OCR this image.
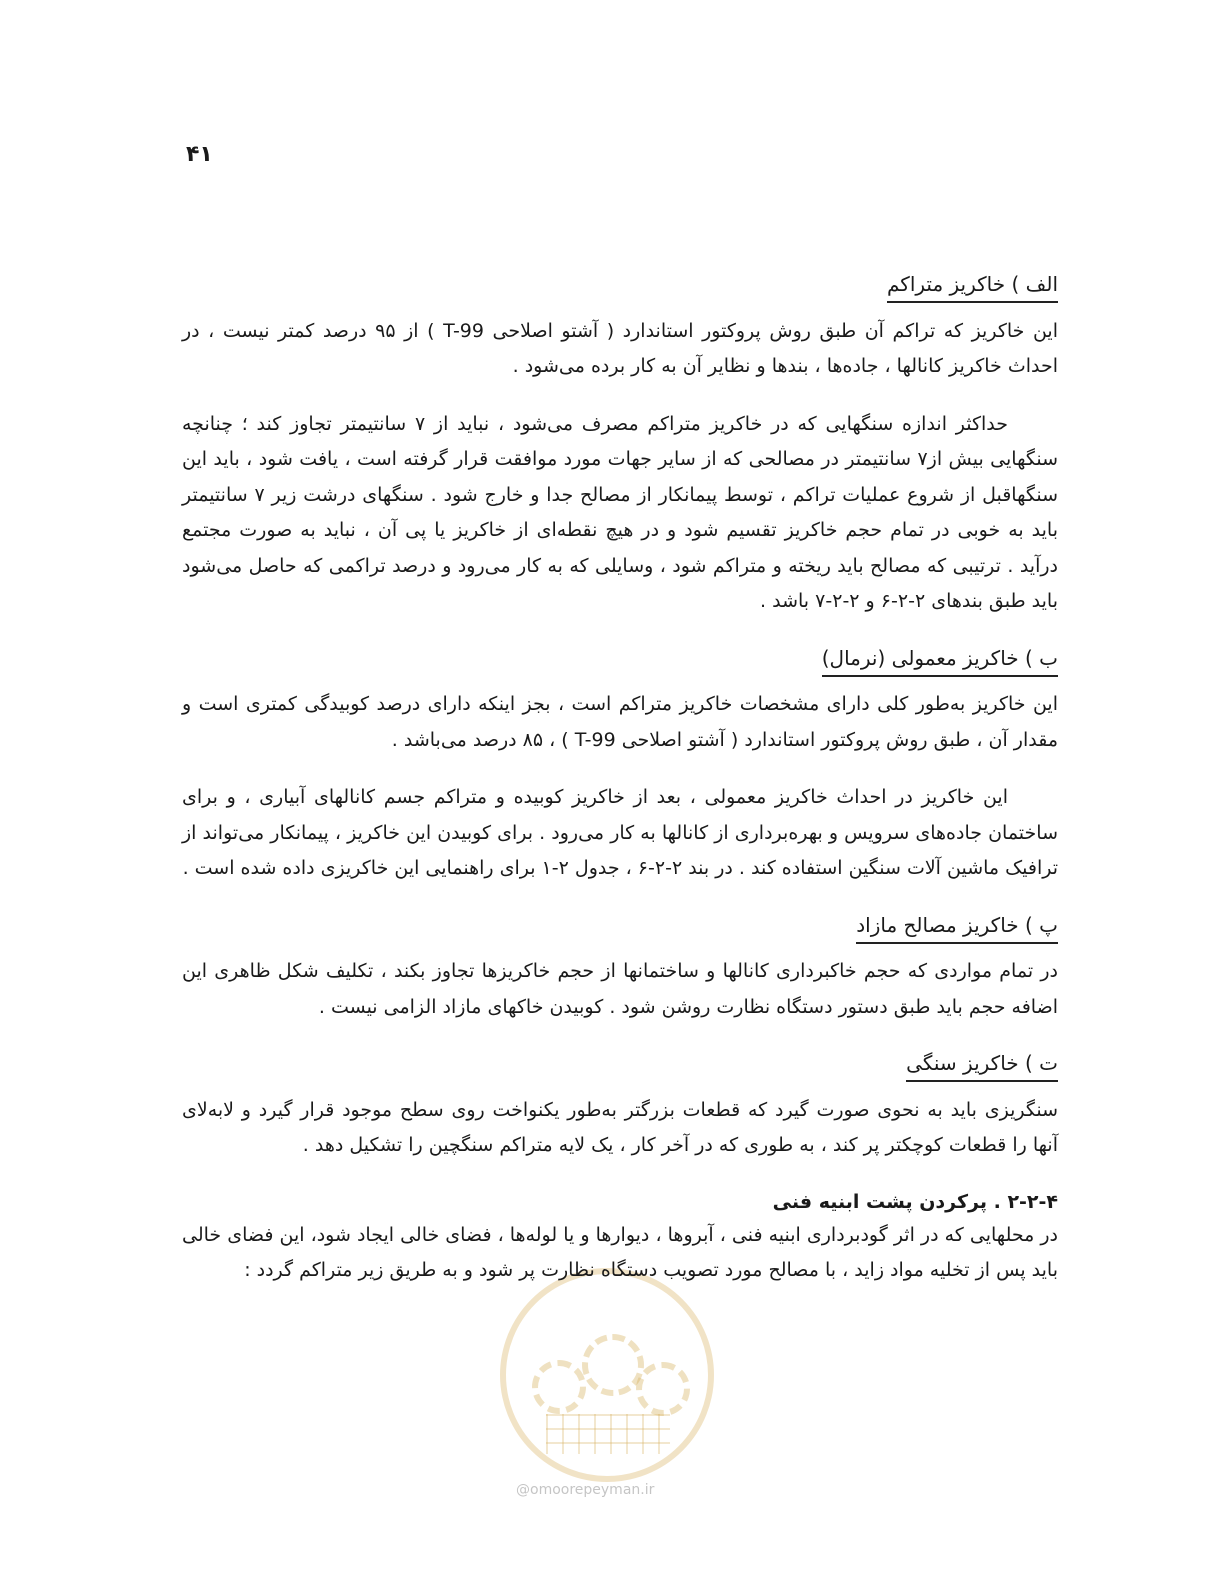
۴۱
@omoorepeyman.ir
الف ) خاکریز متراکم

این خاکریز که تراکم آن طبق روش پروکتور استاندارد ( آشتو اصلاحی T-99 ) از ۹۵ درصد کمتر نیست ، در احداث خاکریز کانالها ، جاده‌ها ، بندها و نظایر آن به کار برده می‌شود .

حداکثر اندازه سنگهایی که در خاکریز متراکم مصرف می‌شود ، نباید از ۷ سانتیمتر تجاوز کند ؛ چنانچه سنگهایی بیش از۷ سانتیمتر در مصالحی که از سایر جهات مورد موافقت قرار گرفته است ، یافت شود ، باید این سنگهاقبل از شروع عملیات تراکم ، توسط پیمانکار از مصالح جدا و خارج شود . سنگهای درشت زیر ۷ سانتیمتر باید به خوبی در تمام حجم خاکریز تقسیم شود و در هیچ نقطه‌ای از خاکریز یا پی آن ، نباید به صورت مجتمع درآید . ترتیبی که مصالح باید ریخته و متراکم شود ، وسایلی که به کار می‌رود و درصد تراکمی که حاصل می‌شود باید طبق بندهای ۲-۲-۶ و ۲-۲-۷ باشد .

ب ) خاکریز معمولی (نرمال)

این خاکریز به‌طور کلی دارای مشخصات خاکریز متراکم است ، بجز اینکه دارای درصد کوبیدگی کمتری است و مقدار آن ، طبق روش پروکتور استاندارد ( آشتو اصلاحی T-99 ) ، ۸۵ درصد می‌باشد .

این خاکریز در احداث خاکریز معمولی ، بعد از خاکریز کوبیده و متراکم جسم کانالهای آبیاری ، و برای ساختمان جاده‌های سرویس و بهره‌برداری از کانالها به کار می‌رود . برای کوبیدن این خاکریز ، پیمانکار می‌تواند از ترافیک ماشین آلات سنگین استفاده کند . در بند ۲-۲-۶ ، جدول ۲-۱ برای راهنمایی این خاکریزی داده شده است .

پ ) خاکریز مصالح مازاد

در تمام مواردی که حجم خاکبرداری کانالها و ساختمانها از حجم خاکریزها تجاوز بکند ، تکلیف شکل ظاهری این اضافه حجم باید طبق دستور دستگاه نظارت روشن شود . کوبیدن خاکهای مازاد الزامی نیست .

ت ) خاکریز سنگی

سنگریزی باید به نحوی صورت گیرد که قطعات بزرگتر به‌طور یکنواخت روی سطح موجود قرار گیرد و لابه‌لای آنها را قطعات کوچکتر پر کند ، به طوری که در آخر کار ، یک لایه متراکم سنگچین را تشکیل دهد .

۲-۲-۴ . پرکردن پشت ابنیه فنی

در محلهایی که در اثر گودبرداری ابنیه فنی ، آبروها ، دیوارها و یا لوله‌ها ، فضای خالی ایجاد شود، این فضای خالی باید پس از تخلیه مواد زاید ، با مصالح مورد تصویب دستگاه نظارت پر شود و به طریق زیر متراکم گردد :
